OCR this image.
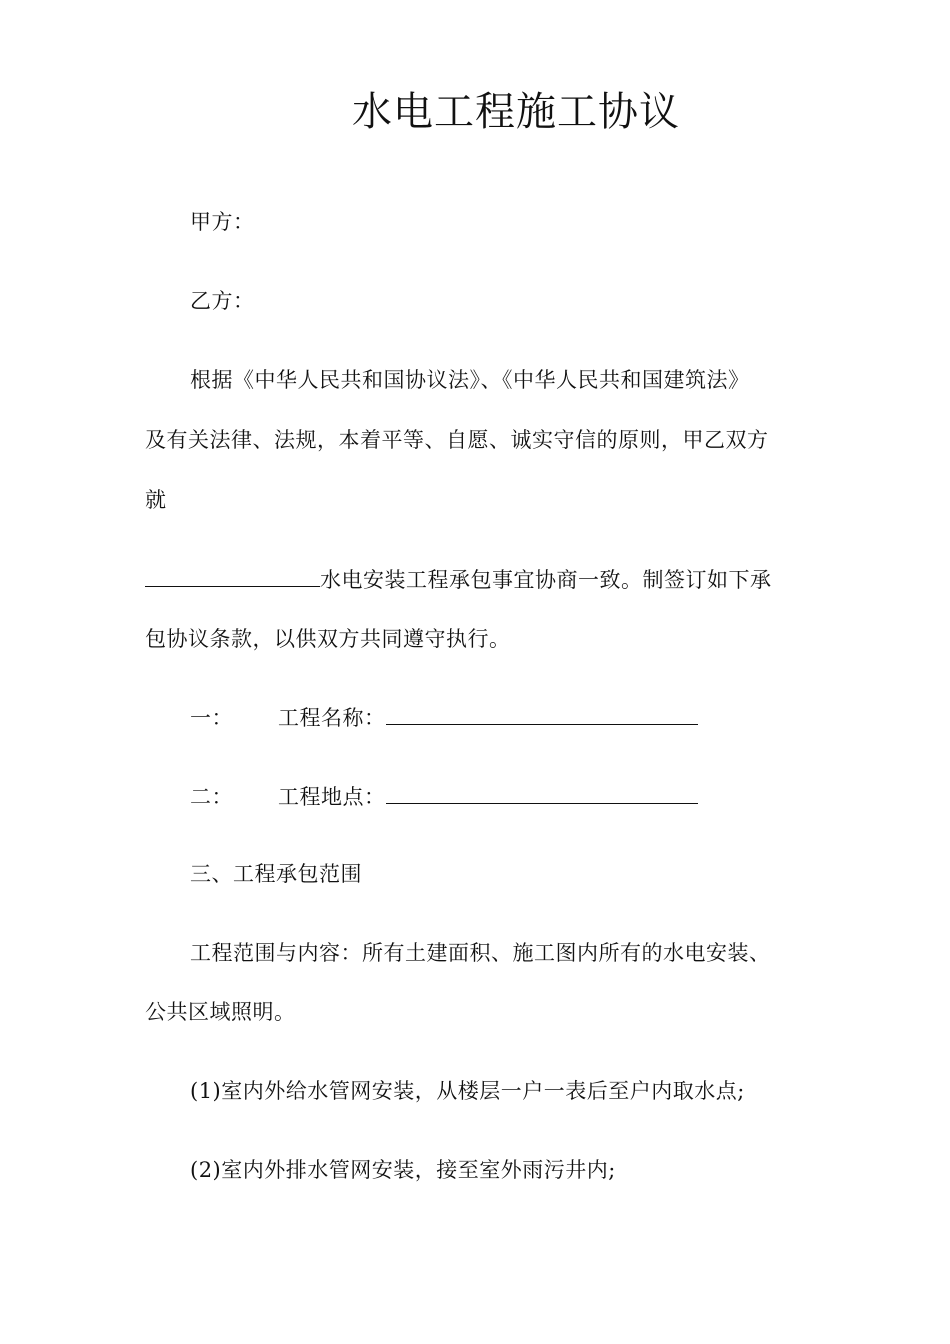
水电工程施工协议
甲方：
乙方：
根据《中华人民共和国协议法》、《中华人民共和国建筑法》
及有关法律、法规，本着平等、自愿、诚实守信的原则，甲乙双方
就
水电安装工程承包事宜协商一致。制签订如下承
包协议条款，以供双方共同遵守执行。
一： 工程名称：
二： 工程地点：
三、工程承包范围
工程范围与内容：所有土建面积、施工图内所有的水电安装、
公共区域照明。
(1)室内外给水管网安装，从楼层一户一表后至户内取水点;
(2)室内外排水管网安装，接至室外雨污井内;
